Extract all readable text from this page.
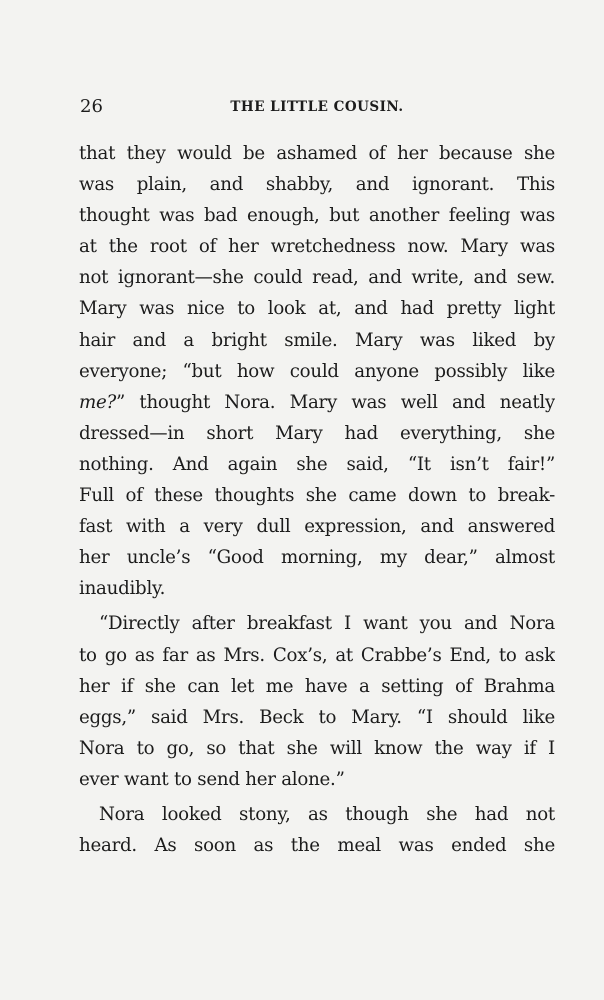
26	THE LITTLE COUSIN.
that they would be ashamed of her because she
was plain, and shabby, and ignorant. This
thought was bad enough, but another feeling was
at the root of her wretchedness now. Mary was
not ignorant—she could read, and write, and sew.
Mary was nice to look at, and had pretty light
hair and a bright smile. Mary was liked by
everyone; “but how could anyone possibly like
me?” thought Nora. Mary was well and neatly
dressed—in short Mary had everything, she
nothing. And again she said, “It isn’t fair!”
Full of these thoughts she came down to break-
fast with a very dull expression, and answered
her uncle’s “Good morning, my dear,” almost
inaudibly.
“Directly after breakfast I want you and Nora
to go as far as Mrs. Cox’s, at Crabbe’s End, to ask
her if she can let me have a setting of Brahma
eggs,” said Mrs. Beck to Mary. “I should like
Nora to go, so that she will know the way if I
ever want to send her alone.”
Nora looked stony, as though she had not
heard. As soon as the meal was ended she
